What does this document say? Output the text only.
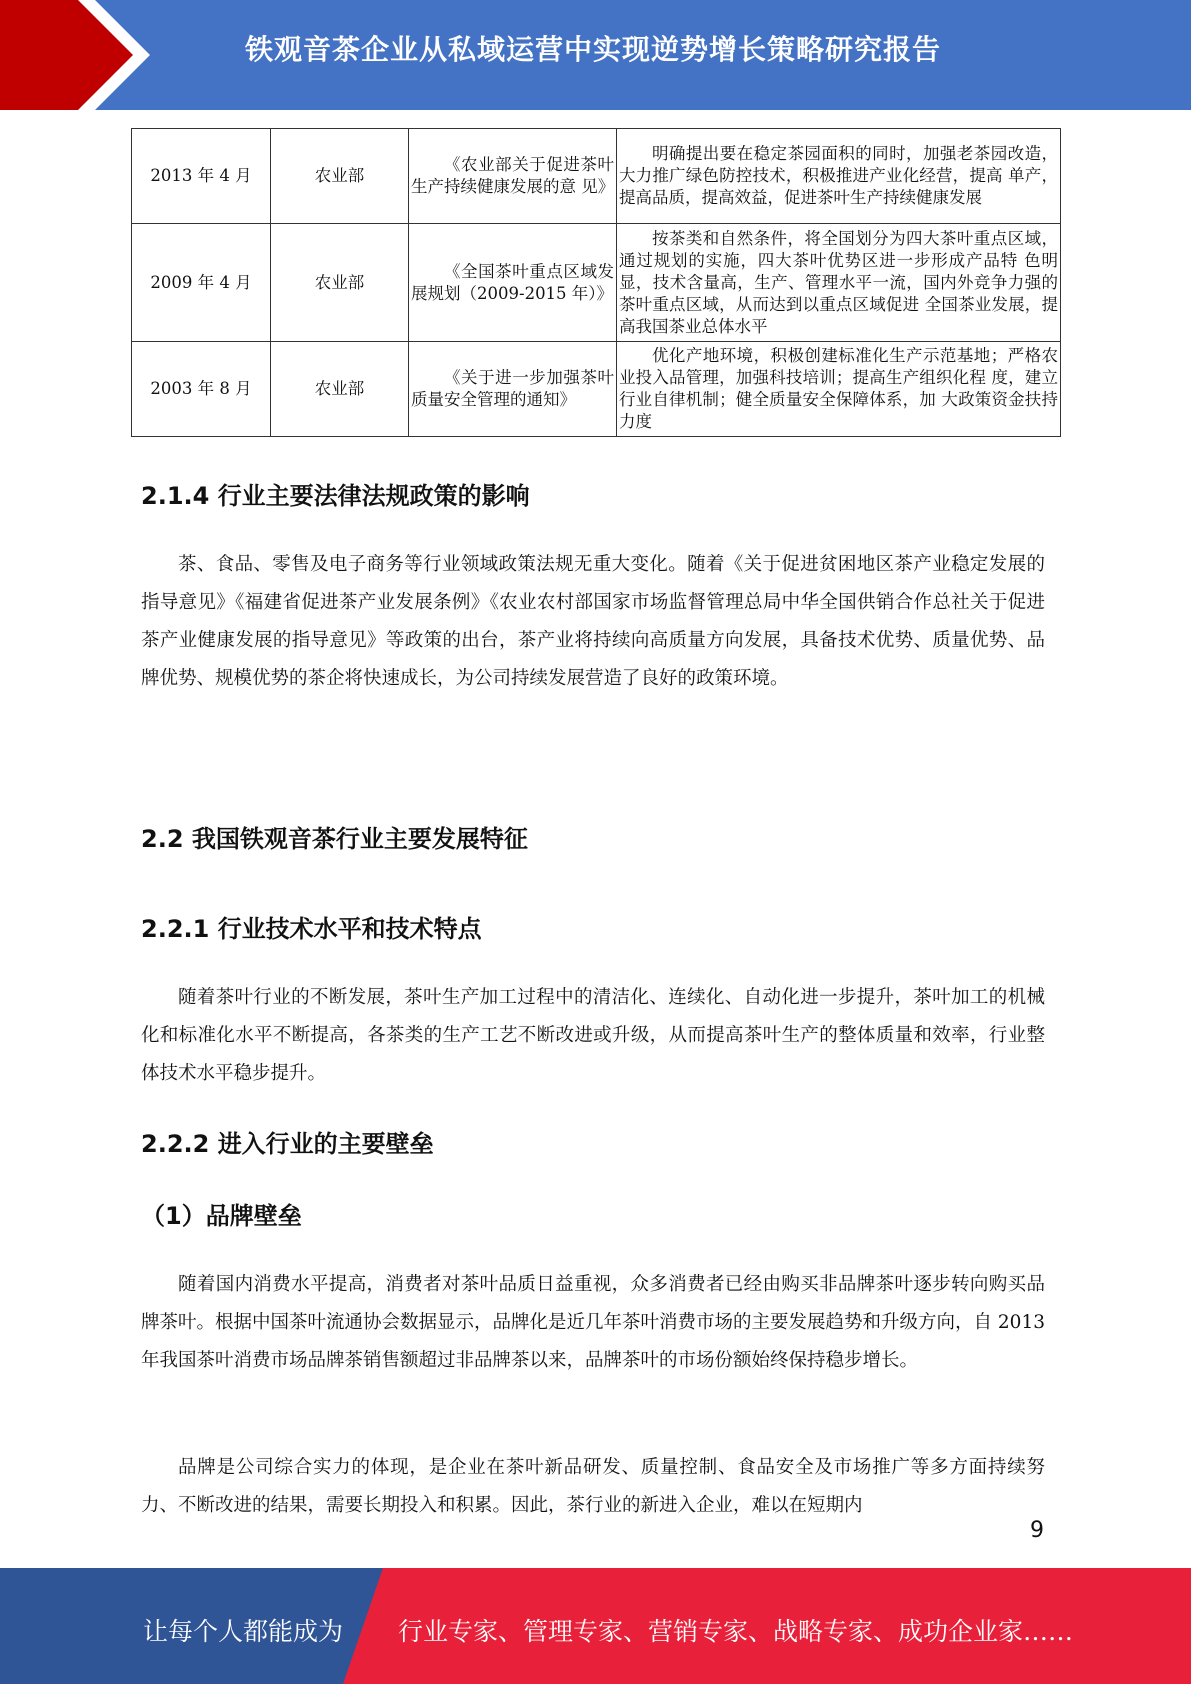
铁观音茶企业从私域运营中实现逆势增长策略研究报告
2013 年 4 月	农业部	《农业部关于促进茶叶 生产持续健康发展的意 见》	明确提出要在稳定茶园面积的同时，加强老茶园改造， 大力推广绿色防控技术，积极推进产业化经营，提高 单产，提高品质，提高效益，促进茶叶生产持续健康发展
2009 年 4 月	农业部	《全国茶叶重点区域发 展规划（2009-2015 年）》	按茶类和自然条件，将全国划分为四大茶叶重点区域， 通过规划的实施，四大茶叶优势区进一步形成产品特 色明显，技术含量高，生产、管理水平一流，国内外竞争力强的茶叶重点区域，从而达到以重点区域促进 全国茶业发展，提高我国茶业总体水平
2003 年 8 月	农业部	《关于进一步加强茶叶 质量安全管理的通知》	优化产地环境，积极创建标准化生产示范基地；严格农业投入品管理，加强科技培训；提高生产组织化程 度，建立行业自律机制；健全质量安全保障体系，加 大政策资金扶持力度
2.1.4 行业主要法律法规政策的影响

茶、食品、零售及电子商务等行业领域政策法规无重大变化。随着《关于促进贫困地区茶产业稳定发展的指导意见》《福建省促进茶产业发展条例》《农业农村部国家市场监督管理总局中华全国供销合作总社关于促进茶产业健康发展的指导意见》等政策的出台，茶产业将持续向高质量方向发展，具备技术优势、质量优势、品牌优势、规模优势的茶企将快速成长，为公司持续发展营造了良好的政策环境。

2.2 我国铁观音茶行业主要发展特征
2.2.1 行业技术水平和技术特点

随着茶叶行业的不断发展，茶叶生产加工过程中的清洁化、连续化、自动化进一步提升，茶叶加工的机械化和标准化水平不断提高，各茶类的生产工艺不断改进或升级，从而提高茶叶生产的整体质量和效率，行业整体技术水平稳步提升。

2.2.2 进入行业的主要壁垒
（1）品牌壁垒

随着国内消费水平提高，消费者对茶叶品质日益重视，众多消费者已经由购买非品牌茶叶逐步转向购买品牌茶叶。根据中国茶叶流通协会数据显示，品牌化是近几年茶叶消费市场的主要发展趋势和升级方向，自 2013 年我国茶叶消费市场品牌茶销售额超过非品牌茶以来，品牌茶叶的市场份额始终保持稳步增长。

品牌是公司综合实力的体现，是企业在茶叶新品研发、质量控制、食品安全及市场推广等多方面持续努力、不断改进的结果，需要长期投入和积累。因此，茶行业的新进入企业，难以在短期内

9
让每个人都能成为 行业专家、管理专家、营销专家、战略专家、成功企业家……
